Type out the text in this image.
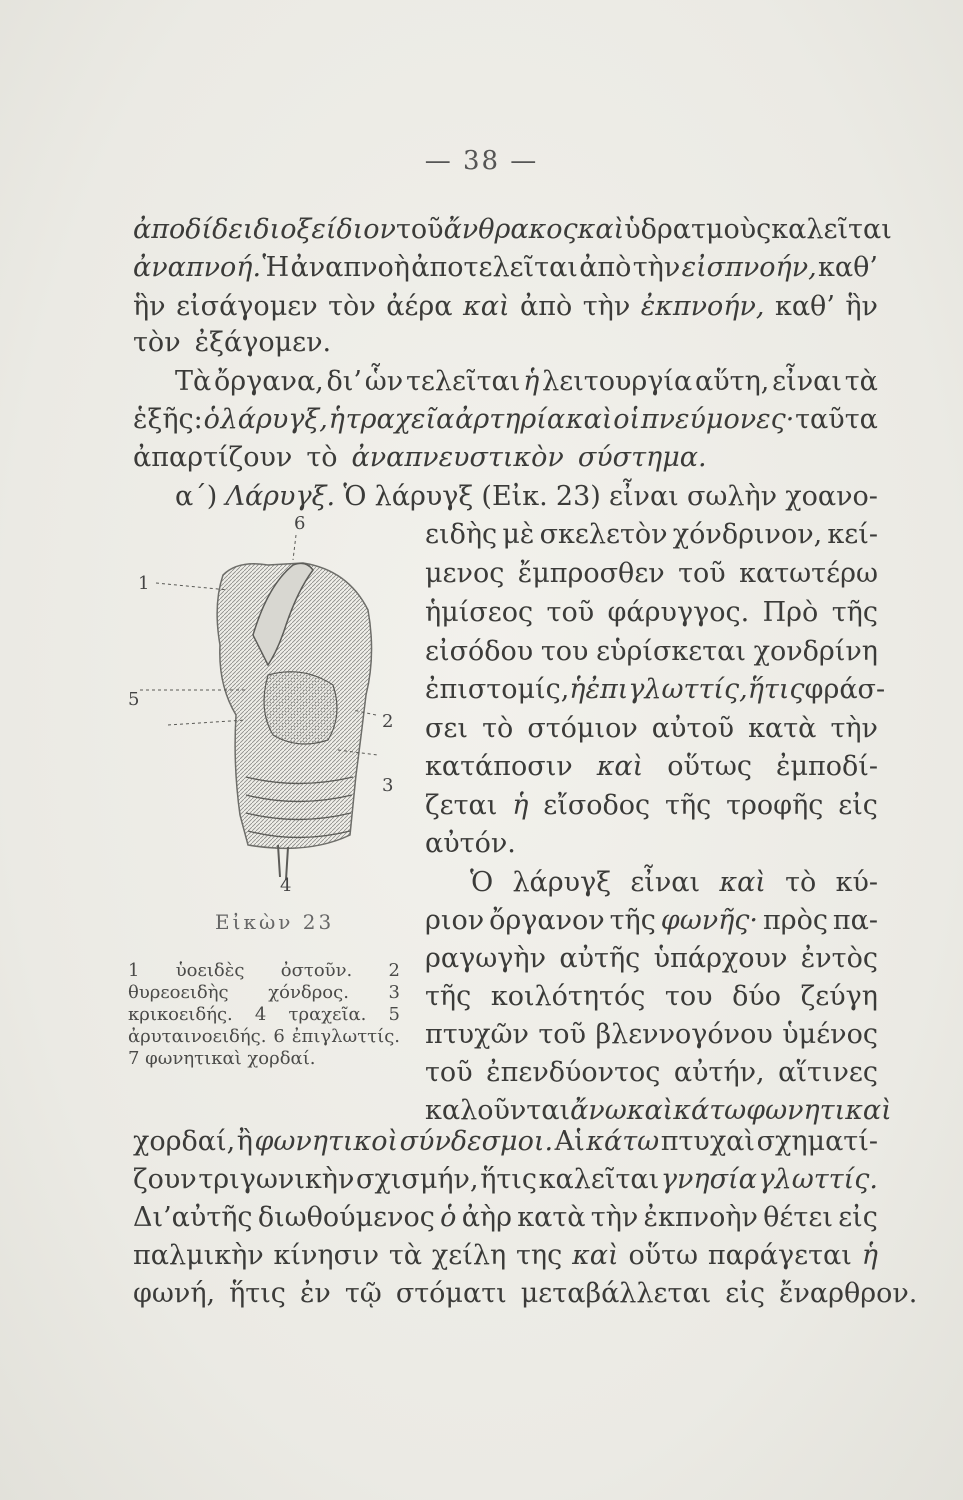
— 38 —
ἀποδίδει διοξείδιον τοῦ ἄνθρακος καὶ ὑδρατμοὺς καλεῖται
ἀναπνοή. Ἡ ἀναπνοὴ ἀποτελεῖται ἀπὸ τὴν εἰσπνοήν, καθ’
ἣν εἰσάγομεν τὸν ἀέρα καὶ ἀπὸ τὴν ἐκπνοήν, καθ’ ἣν
τὸν ἐξάγομεν.
Τὰ ὄργανα, δι’ ὧν τελεῖται ἡ λειτουργία αὕτη, εἶναι τὰ
ἑξῆς: ὁ λάρυγξ, ἡ τραχεῖα ἀρτηρία καὶ οἱ πνεύμονες· ταῦτα
ἀπαρτίζουν τὸ ἀναπνευστικὸν σύστημα.
α΄) Λάρυγξ. Ὁ λάρυγξ (Εἰκ. 23) εἶναι σωλὴν χοανο-
6
1
5
2
3
4
Εἰκὼν 23
1 ὑοειδὲς ὀστοῦν. 2 θυρεοειδὴς χόνδρος. 3 κρικοειδής. 4 τραχεῖα. 5 ἀρυταινοειδής. 6 ἐπιγλωττίς. 7 φωνητικαὶ χορδαί.
ειδὴς μὲ σκελετὸν χόνδρινον, κεί-
μενος ἔμπροσθεν τοῦ κατωτέρω
ἡμίσεος τοῦ φάρυγγος. Πρὸ τῆς
εἰσόδου του εὑρίσκεται χονδρίνη
ἐπιστομίς, ἡ ἐπιγλωττίς,ἥτις φράσ-
σει τὸ στόμιον αὐτοῦ κατὰ τὴν
κατάποσιν καὶ οὕτως ἐμποδί-
ζεται ἡ εἴσοδος τῆς τροφῆς εἰς
αὐτόν.
Ὁ λάρυγξ εἶναι καὶ τὸ κύ-
ριον ὄργανον τῆς φωνῆς· πρὸς πα-
ραγωγὴν αὐτῆς ὑπάρχουν ἐντὸς
τῆς κοιλότητός του δύο ζεύγη
πτυχῶν τοῦ βλεννογόνου ὑμένος
τοῦ ἐπενδύοντος αὐτήν, αἵτινες
καλοῦνται ἄνω καὶ κάτω φωνητικαὶ
χορδαί, ἢ φωνητικοὶ σύνδεσμοι. Αἱ κάτω πτυχαὶ σχηματί-
ζουν τριγωνικὴν σχισμήν, ἥτις καλεῖται γνησία γλωττίς.
Δι’αὐτῆς διωθούμενος ὁ ἀὴρ κατὰ τὴν ἐκπνοὴν θέτει εἰς
παλμικὴν κίνησιν τὰ χείλη της καὶ οὕτω παράγεται ἡ
φωνή, ἥτις ἐν τῷ στόματι μεταβάλλεται εἰς ἔναρθρον.
